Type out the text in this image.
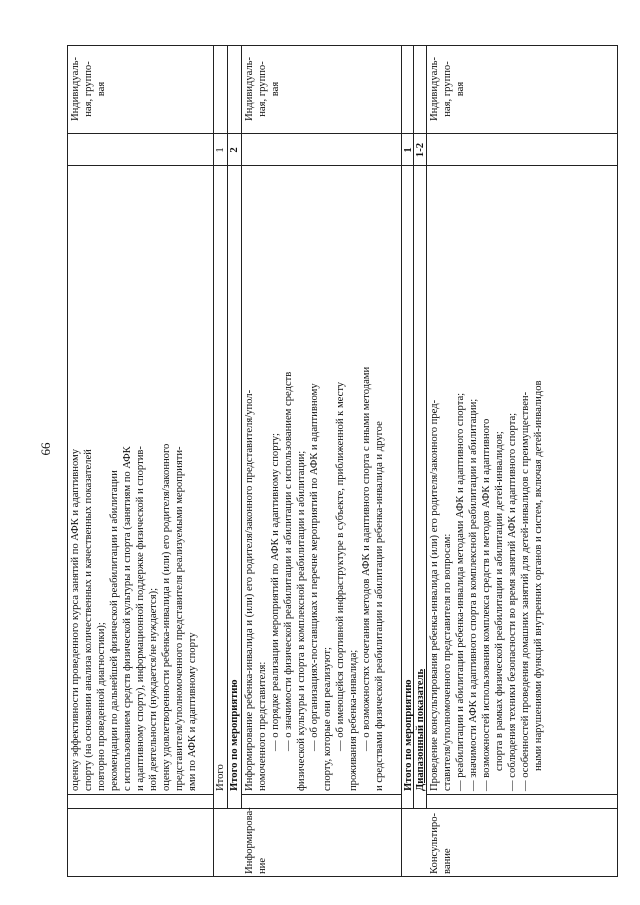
66 оценку эффективности проведенного курса занятий по АФК и адаптивному спорту (на основании анализа количественных и качественных показателей повторно проведенной диагностики); рекомендации по дальнейшей физической реабилитации и абилитации с использованием средств физической культуры и спорта (занятиям по АФК и адаптивному спорту), информационной поддержке физической и спортив- ной деятельности (нуждается/не нуждается); оценку удовлетворенности ребенка-инвалида и (или) его родителя/законного представителя/уполномоченного представителя реализуемыми мероприяти- ями по АФК и адаптивному спорту
Индивидуаль-
ная, группо-
вая
Итого
1
Итого по мероприятию
2
Информирова-
ние
Информирование ребенка-инвалида и (или) его родителя/законного представителя/упол- номоченного представителя: — о порядке реализации мероприятий по АФК и адаптивному спорту; — о значимости физической реабилитации и абилитации с использованием средств физической культуры и спорта в комплексной реабилитации и абилитации; — об организациях-поставщиках и перечне мероприятий по АФК и адаптивному спорту, которые они реализуют; — об имеющейся спортивной инфраструктуре в субъекте, приближенной к месту проживания ребенка-инвалида; — о возможностях сочетания методов АФК и адаптивного спорта с иными методами и средствами физической реабилитации и абилитации ребенка-инвалида и другое
Индивидуаль-
ная, группо-
вая
Итого по мероприятию
1
Диапазонный показатель
1-2
Консультиро-
вание
Проведение консультирования ребенка-инвалида и (или) его родителя/законного пред- ставителя/уполномоченного представителя по вопросам: — реабилитации и абилитации ребенка-инвалида методами АФК и адаптивного спорта; — значимости АФК и адаптивного спорта в комплексной реабилитации и абилитации; — возможностей использования комплекса средств и методов АФК и адаптивного спорта в рамках физической реабилитации и абилитации детей-инвалидов; — соблюдения техники безопасности во время занятий АФК и адаптивного спорта; — особенностей проведения домашних занятий для детей-инвалидов с преимуществен- ными нарушениями функций внутренних органов и систем, включая детей-инвалидов
Индивидуаль-
ная, группо-
вая
